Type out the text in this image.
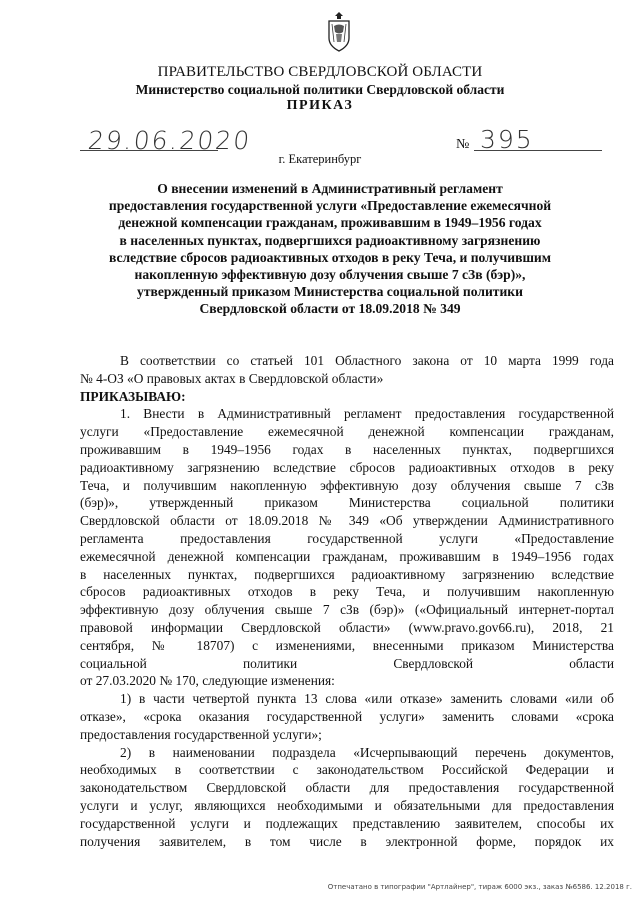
ПРАВИТЕЛЬСТВО СВЕРДЛОВСКОЙ ОБЛАСТИ
Министерство социальной политики Свердловской области
ПРИКАЗ
29.06.2020	№ 395
г. Екатеринбург
О внесении изменений в Административный регламент
предоставления государственной услуги «Предоставление ежемесячной
денежной компенсации гражданам, проживавшим в 1949–1956 годах
в населенных пунктах, подвергшихся радиоактивному загрязнению
вследствие сбросов радиоактивных отходов в реку Теча, и получившим
накопленную эффективную дозу облучения свыше 7 сЗв (бэр)»,
утвержденный приказом Министерства социальной политики
Свердловской области от 18.09.2018 № 349
В соответствии со статьей 101 Областного закона от 10 марта 1999 года
№ 4-ОЗ «О правовых актах в Свердловской области»
ПРИКАЗЫВАЮ:
1. Внести в Административный регламент предоставления государственной
услуги «Предоставление ежемесячной денежной компенсации гражданам,
проживавшим в 1949–1956 годах в населенных пунктах, подвергшихся
радиоактивному загрязнению вследствие сбросов радиоактивных отходов в реку
Теча, и получившим накопленную эффективную дозу облучения свыше 7 сЗв
(бэр)», утвержденный приказом Министерства социальной политики
Свердловской области от 18.09.2018 № 349 «Об утверждении Административного
регламента предоставления государственной услуги «Предоставление
ежемесячной денежной компенсации гражданам, проживавшим в 1949–1956 годах
в населенных пунктах, подвергшихся радиоактивному загрязнению вследствие
сбросов радиоактивных отходов в реку Теча, и получившим накопленную
эффективную дозу облучения свыше 7 сЗв (бэр)» («Официальный интернет-портал
правовой информации Свердловской области» (www.pravo.gov66.ru), 2018, 21
сентября, № 18707) с изменениями, внесенными приказом Министерства
социальной политики Свердловской области
от 27.03.2020 № 170, следующие изменения:
1) в части четвертой пункта 13 слова «или отказе» заменить словами «или об
отказе», «срока оказания государственной услуги» заменить словами «срока
предоставления государственной услуги»;
2) в наименовании подраздела «Исчерпывающий перечень документов,
необходимых в соответствии с законодательством Российской Федерации и
законодательством Свердловской области для предоставления государственной
услуги и услуг, являющихся необходимыми и обязательными для предоставления
государственной услуги и подлежащих представлению заявителем, способы их
получения заявителем, в том числе в электронной форме, порядок их
Отпечатано в типографии "Артлайнер", тираж 6000 экз., заказ №6586. 12.2018 г.
